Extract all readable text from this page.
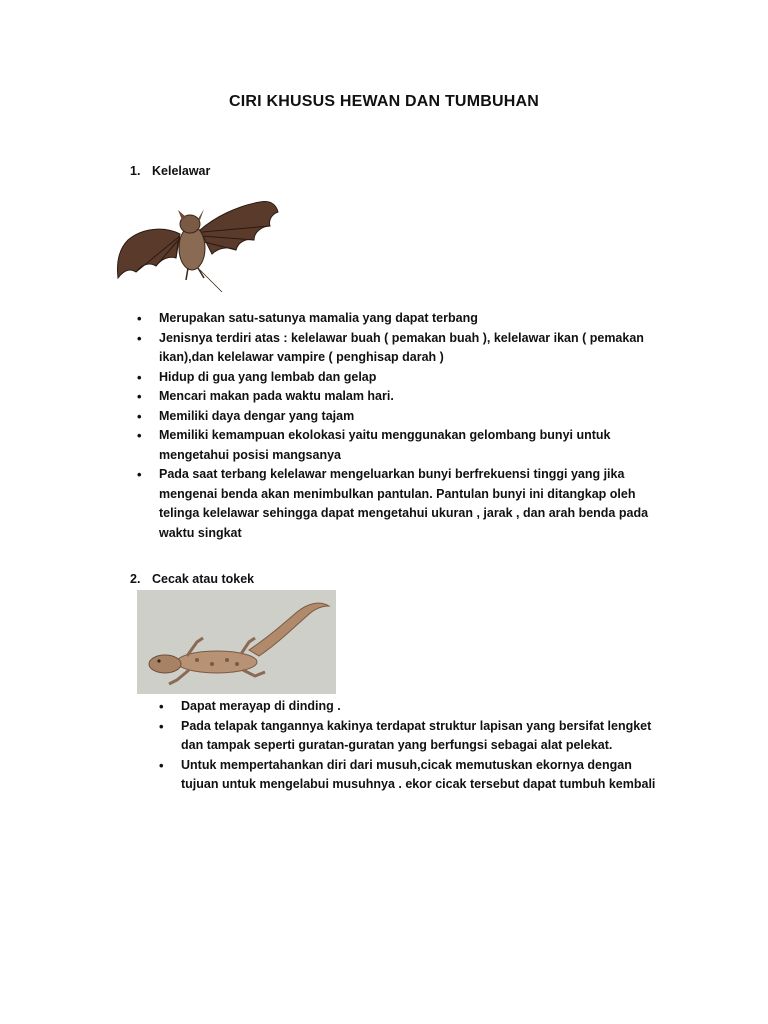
CIRI KHUSUS HEWAN DAN TUMBUHAN
1. Kelelawar
• Merupakan satu-satunya mamalia yang dapat terbang
• Jenisnya terdiri atas : kelelawar buah ( pemakan buah ), kelelawar ikan ( pemakan ikan),dan kelelawar vampire ( penghisap darah )
• Hidup di gua yang lembab dan gelap
• Mencari makan pada waktu malam hari.
• Memiliki daya dengar yang tajam
• Memiliki kemampuan ekolokasi yaitu menggunakan gelombang bunyi untuk mengetahui posisi mangsanya
• Pada saat terbang kelelawar mengeluarkan bunyi berfrekuensi tinggi yang jika mengenai benda akan menimbulkan pantulan. Pantulan bunyi ini ditangkap oleh telinga kelelawar sehingga dapat mengetahui ukuran , jarak , dan arah benda pada waktu singkat
2. Cecak atau tokek
• Dapat merayap di dinding .
• Pada telapak tangannya kakinya terdapat struktur lapisan yang bersifat lengket dan tampak seperti guratan-guratan yang berfungsi sebagai alat pelekat.
• Untuk mempertahankan diri dari musuh,cicak memutuskan ekornya dengan tujuan untuk mengelabui musuhnya . ekor cicak tersebut dapat tumbuh kembali
